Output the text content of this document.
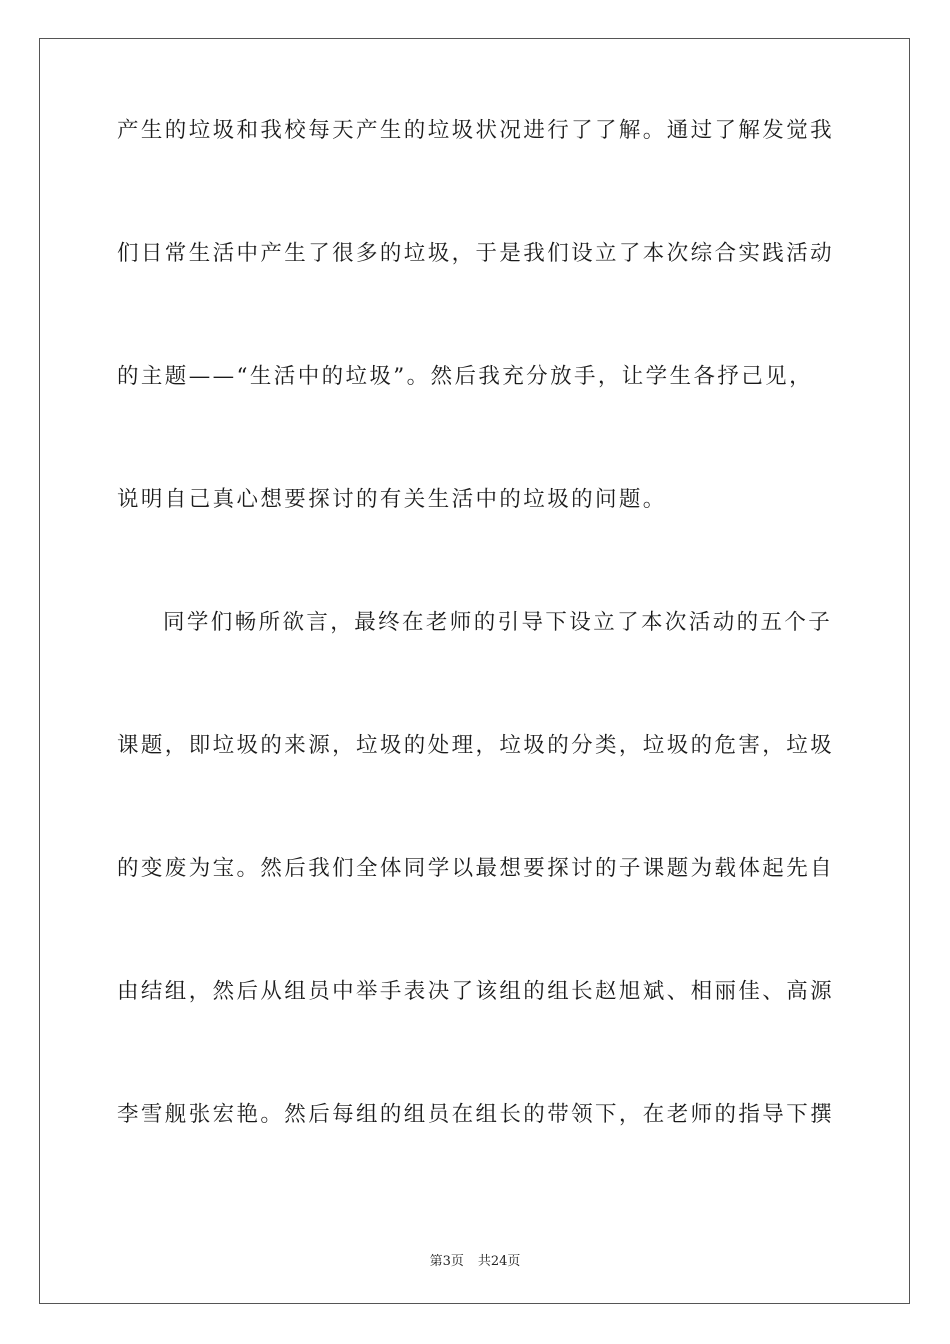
产生的垃圾和我校每天产生的垃圾状况进行了了解。通过了解发觉我
们日常生活中产生了很多的垃圾，于是我们设立了本次综合实践活动
的主题——“生活中的垃圾”。然后我充分放手，让学生各抒己见，
说明自己真心想要探讨的有关生活中的垃圾的问题。
同学们畅所欲言，最终在老师的引导下设立了本次活动的五个子
课题，即垃圾的来源，垃圾的处理，垃圾的分类，垃圾的危害，垃圾
的变废为宝。然后我们全体同学以最想要探讨的子课题为载体起先自
由结组，然后从组员中举手表决了该组的组长赵旭斌、相丽佳、高源
李雪舰张宏艳。然后每组的组员在组长的带领下，在老师的指导下撰
第3页 共24页
